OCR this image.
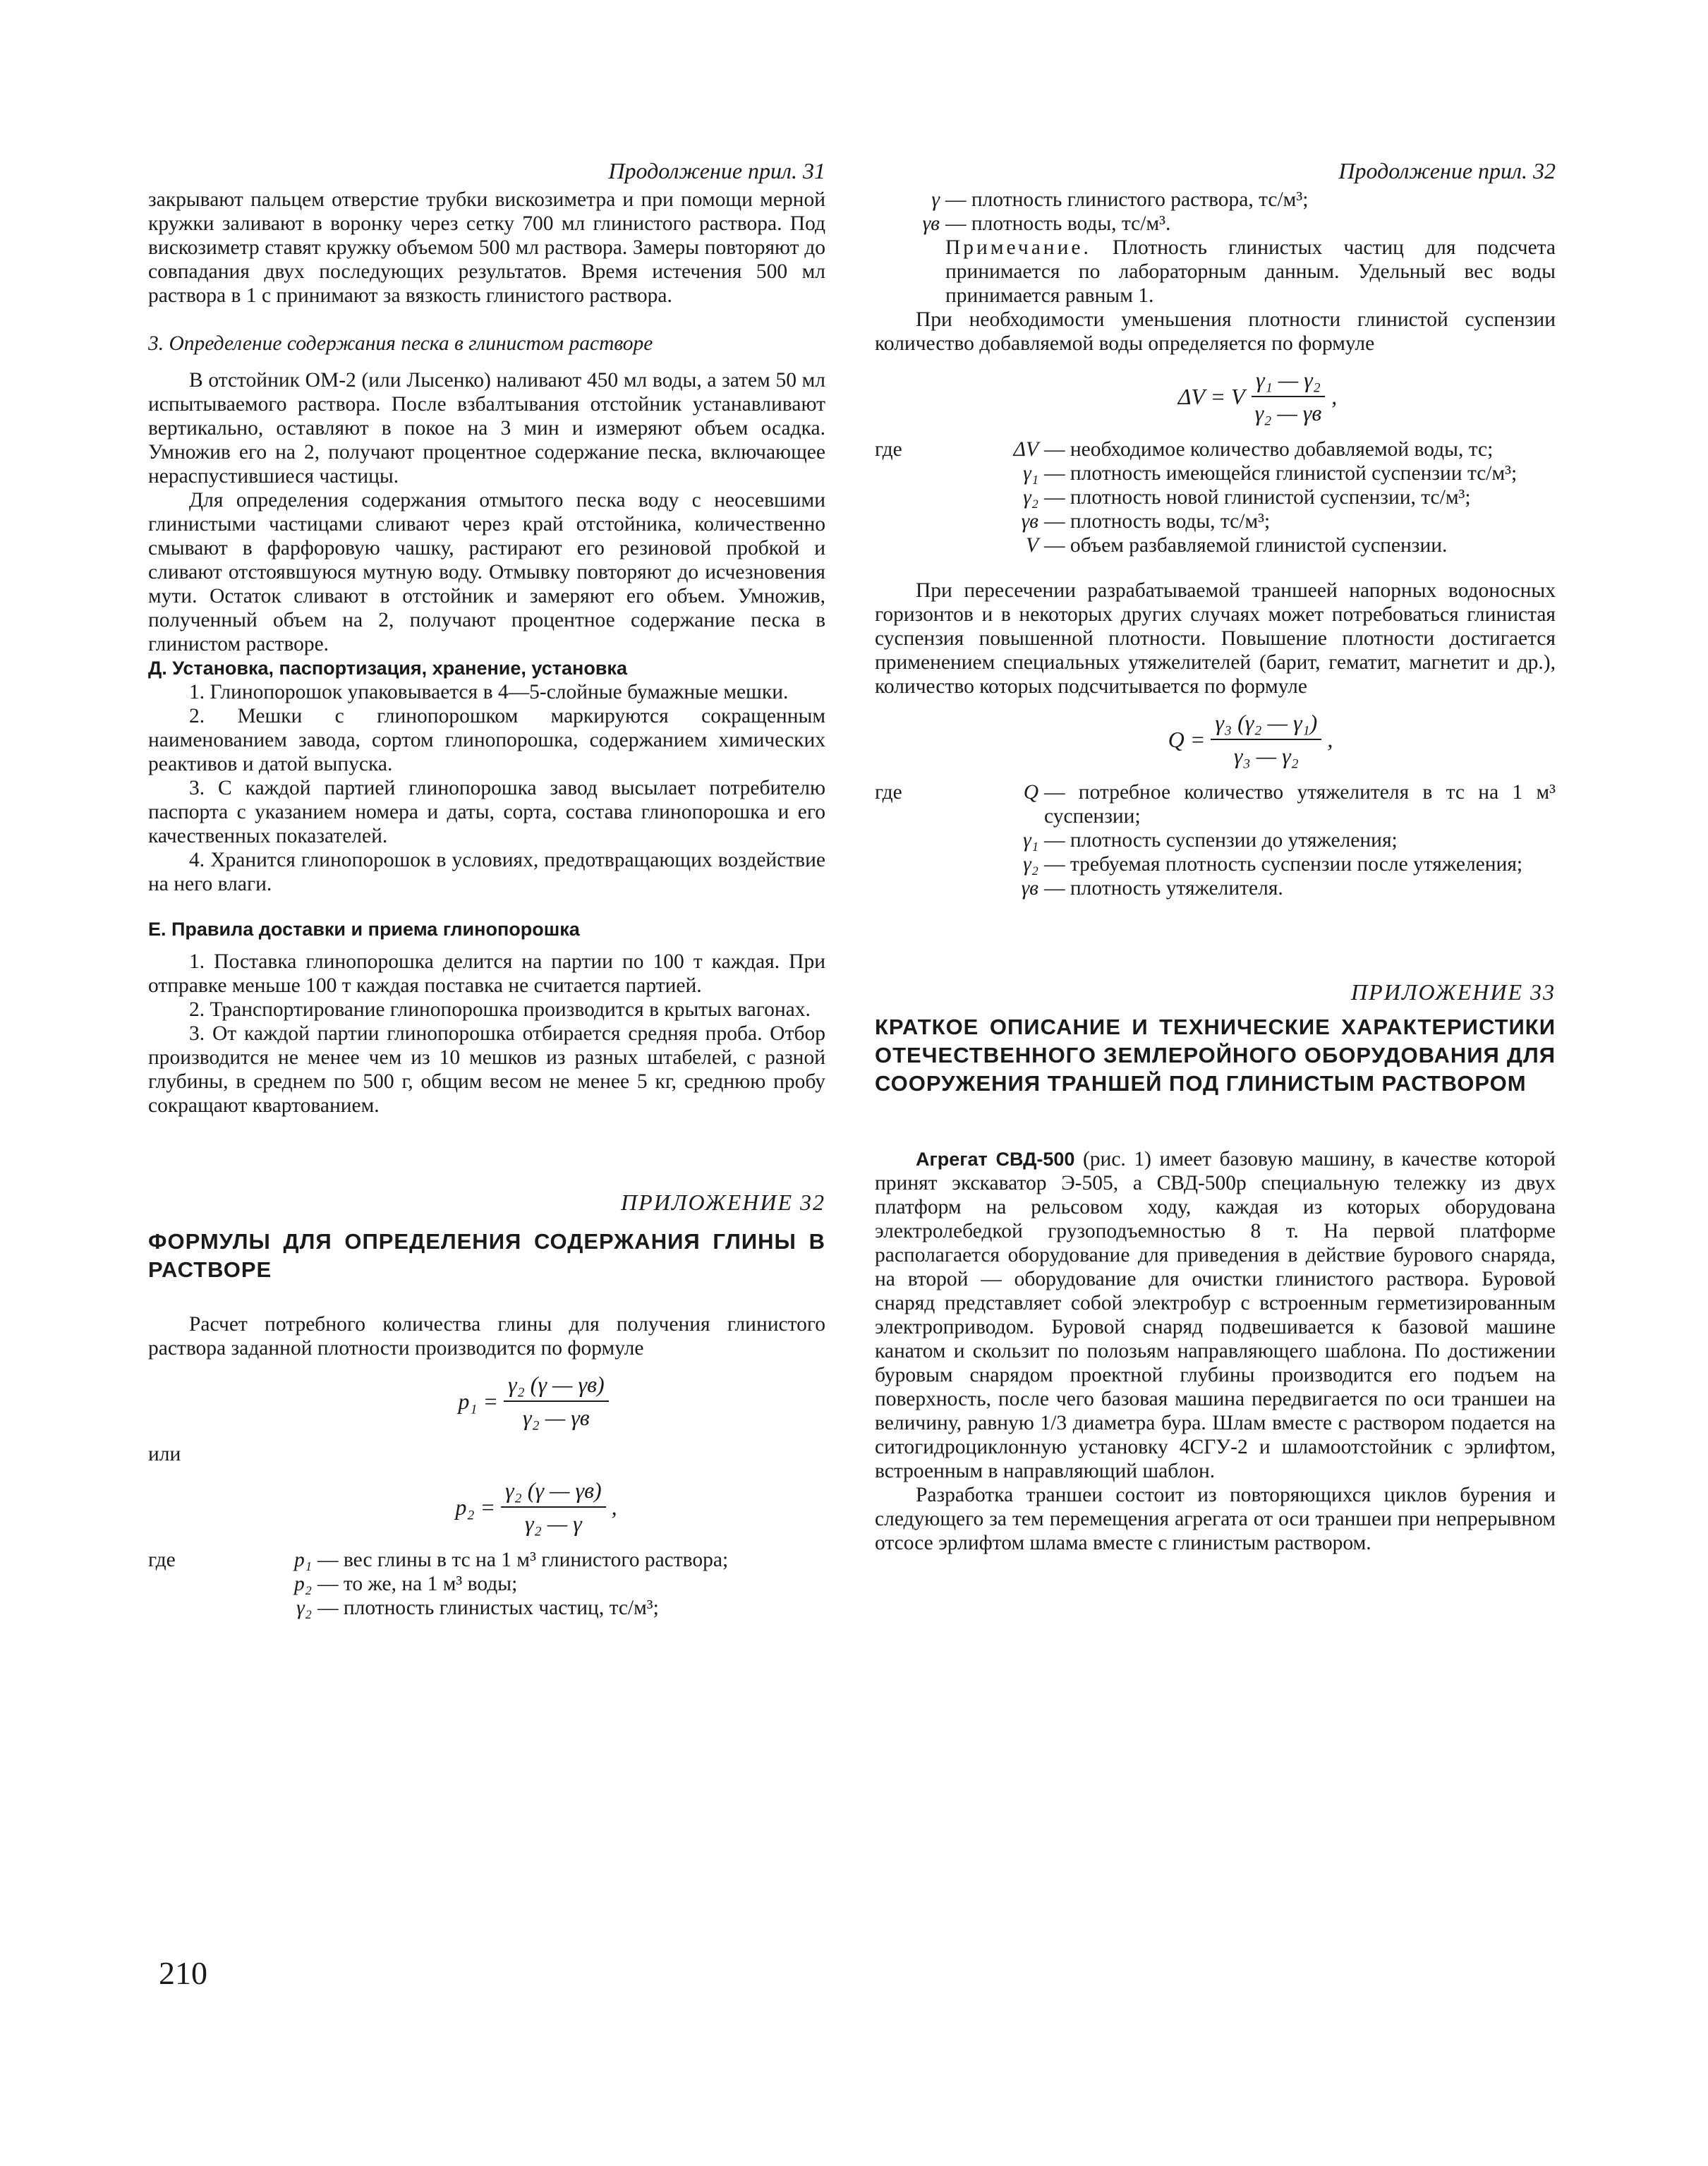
Продолжение прил. 31

закрывают пальцем отверстие трубки вискозиметра и при помощи мерной кружки заливают в воронку через сетку 700 мл глинистого раствора. Под вискозиметр ставят кружку объемом 500 мл раствора. Замеры повторяют до совпадания двух последующих результатов. Время истечения 500 мл раствора в 1 с принимают за вязкость глинистого раствора.

3. Определение содержания песка в глинистом растворе

В отстойник ОМ-2 (или Лысенко) наливают 450 мл воды, а затем 50 мл испытываемого раствора. После взбалтывания отстойник устанавливают вертикально, оставляют в покое на 3 мин и измеряют объем осадка. Умножив его на 2, получают процентное содержание песка, включающее нераспустившиеся частицы.

Для определения содержания отмытого песка воду с неосевшими глинистыми частицами сливают через край отстойника, количественно смывают в фарфоровую чашку, растирают его резиновой пробкой и сливают отстоявшуюся мутную воду. Отмывку повторяют до исчезновения мути. Остаток сливают в отстойник и замеряют его объем. Умножив, полученный объем на 2, получают процентное содержание песка в глинистом растворе.

Д. Установка, паспортизация, хранение, установка

1. Глинопорошок упаковывается в 4—5-слойные бумажные мешки.

2. Мешки с глинопорошком маркируются сокращенным наименованием завода, сортом глинопорошка, содержанием химических реактивов и датой выпуска.

3. С каждой партией глинопорошка завод высылает потребителю паспорта с указанием номера и даты, сорта, состава глинопорошка и его качественных показателей.

4. Хранится глинопорошок в условиях, предотвращающих воздействие на него влаги.

Е. Правила доставки и приема глинопорошка

1. Поставка глинопорошка делится на партии по 100 т каждая. При отправке меньше 100 т каждая поставка не считается партией.

2. Транспортирование глинопорошка производится в крытых вагонах.

3. От каждой партии глинопорошка отбирается средняя проба. Отбор производится не менее чем из 10 мешков из разных штабелей, с разной глубины, в среднем по 500 г, общим весом не менее 5 кг, среднюю пробу сокращают квартованием.

ПРИЛОЖЕНИЕ 32
ФОРМУЛЫ ДЛЯ ОПРЕДЕЛЕНИЯ СОДЕРЖАНИЯ ГЛИНЫ В РАСТВОРЕ

Расчет потребного количества глины для получения глинистого раствора заданной плотности производится по формуле

$p_1 = \frac{\text{γ₂ (γ — γв)}}{\text{γ₂ — γв}}$

или

$p_2 = \frac{\text{γ₂ (γ — γв)}}{\text{γ₂ — γ}}$ ,
где	p₁ — вес глины в тс на 1 м³ глинистого раствора;
p₂ — то же, на 1 м³ воды;
γ₂ — плотность глинистых частиц, тс/м³;
Продолжение прил. 32
γ — плотность глинистого раствора, тс/м³;
γв — плотность воды, тс/м³.

Примечание. Плотность глинистых частиц для подсчета принимается по лабораторным данным. Удельный вес воды принимается равным 1.

При необходимости уменьшения плотности глинистой суспензии количество добавляемой воды определяется по формуле

ΔV = V $\frac{\text{γ₁ — γ₂}}{\text{γ₂ — γв}}$ ,
где	ΔV — необходимое количество добавляемой воды, тс;
γ₁ — плотность имеющейся глинистой суспензии тс/м³;
γ₂ — плотность новой глинистой суспензии, тс/м³;
γв — плотность воды, тс/м³;
V — объем разбавляемой глинистой суспензии.

При пересечении разрабатываемой траншеей напорных водоносных горизонтов и в некоторых других случаях может потребоваться глинистая суспензия повышенной плотности. Повышение плотности достигается применением специальных утяжелителей (барит, гематит, магнетит и др.), количество которых подсчитывается по формуле

$Q = \frac{\text{γ₃ (γ₂ — γ₁)}}{\text{γ₃ — γ₂}}$ ,
где	Q — потребное количество утяжелителя в тс на 1 м³ суспензии;
γ₁ — плотность суспензии до утяжеления;
γ₂ — требуемая плотность суспензии после утяжеления;
γв — плотность утяжелителя.
ПРИЛОЖЕНИЕ 33
КРАТКОЕ ОПИСАНИЕ И ТЕХНИЧЕСКИЕ ХАРАКТЕРИСТИКИ ОТЕЧЕСТВЕННОГО ЗЕМЛЕРОЙНОГО ОБОРУДОВАНИЯ ДЛЯ СООРУЖЕНИЯ ТРАНШЕЙ ПОД ГЛИНИСТЫМ РАСТВОРОМ

Агрегат СВД-500 (рис. 1) имеет базовую машину, в качестве которой принят экскаватор Э-505, а СВД-500р специальную тележку из двух платформ на рельсовом ходу, каждая из которых оборудована электролебедкой грузоподъемностью 8 т. На первой платформе располагается оборудование для приведения в действие бурового снаряда, на второй — оборудование для очистки глинистого раствора. Буровой снаряд представляет собой электробур с встроенным герметизированным электроприводом. Буровой снаряд подвешивается к базовой машине канатом и скользит по полозьям направляющего шаблона. По достижении буровым снарядом проектной глубины производится его подъем на поверхность, после чего базовая машина передвигается по оси траншеи на величину, равную 1/3 диаметра бура. Шлам вместе с раствором подается на ситогидроциклонную установку 4СГУ-2 и шламоотстойник с эрлифтом, встроенным в направляющий шаблон.

Разработка траншеи состоит из повторяющихся циклов бурения и следующего за тем перемещения агрегата от оси траншеи при непрерывном отсосе эрлифтом шлама вместе с глинистым раствором.

210
